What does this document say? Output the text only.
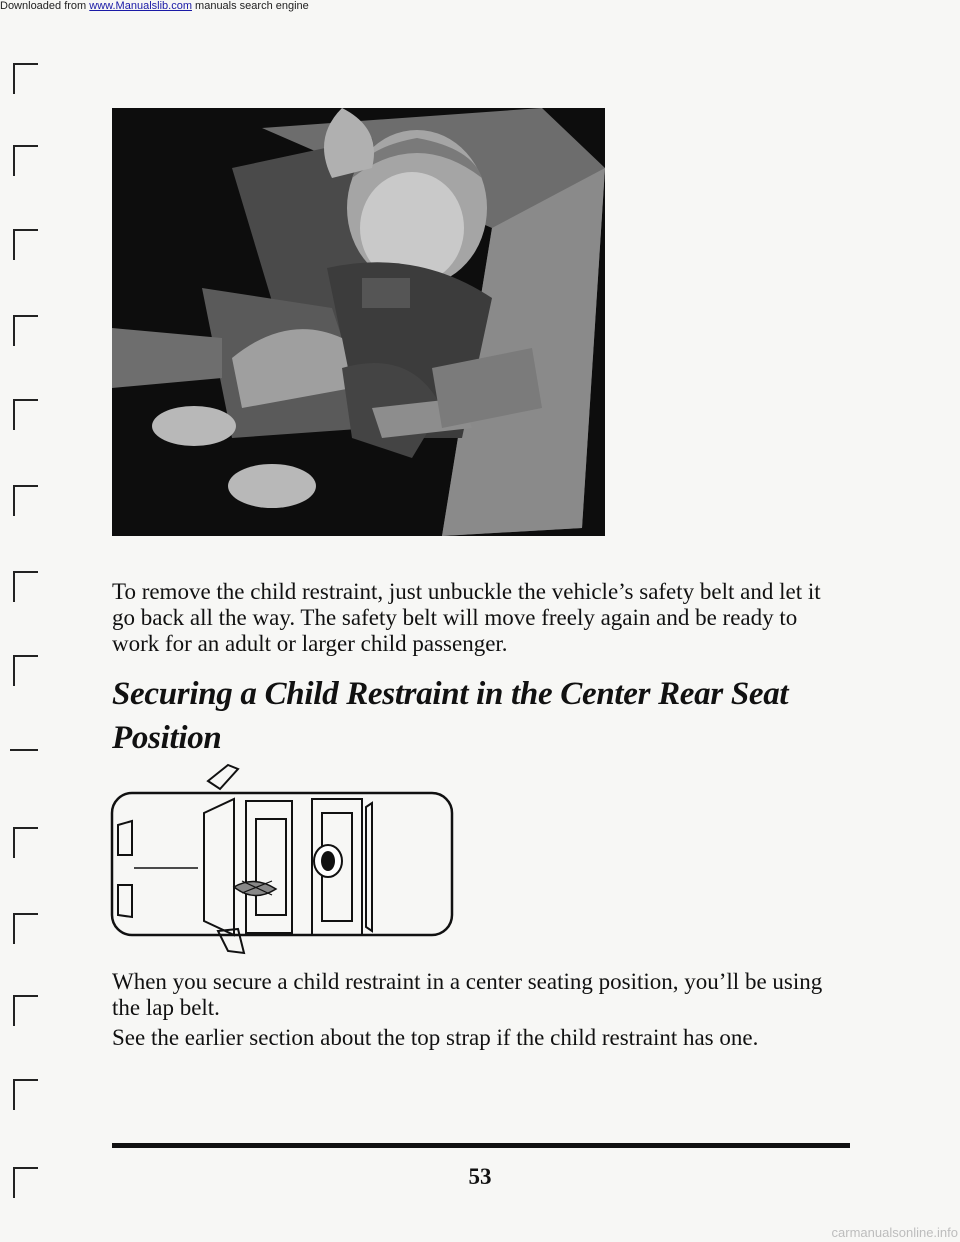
Downloaded from www.Manualslib.com manuals search engine

To remove the child restraint, just unbuckle the vehicle’s safety belt and let it go back all the way. The safety belt will move freely again and be ready to work for an adult or larger child passenger.

Securing a Child Restraint in the Center Rear Seat Position

When you secure a child restraint in a center seating position, you’ll be using the lap belt.

See the earlier section about the top strap if the child restraint has one.

53
carmanualsonline.info
